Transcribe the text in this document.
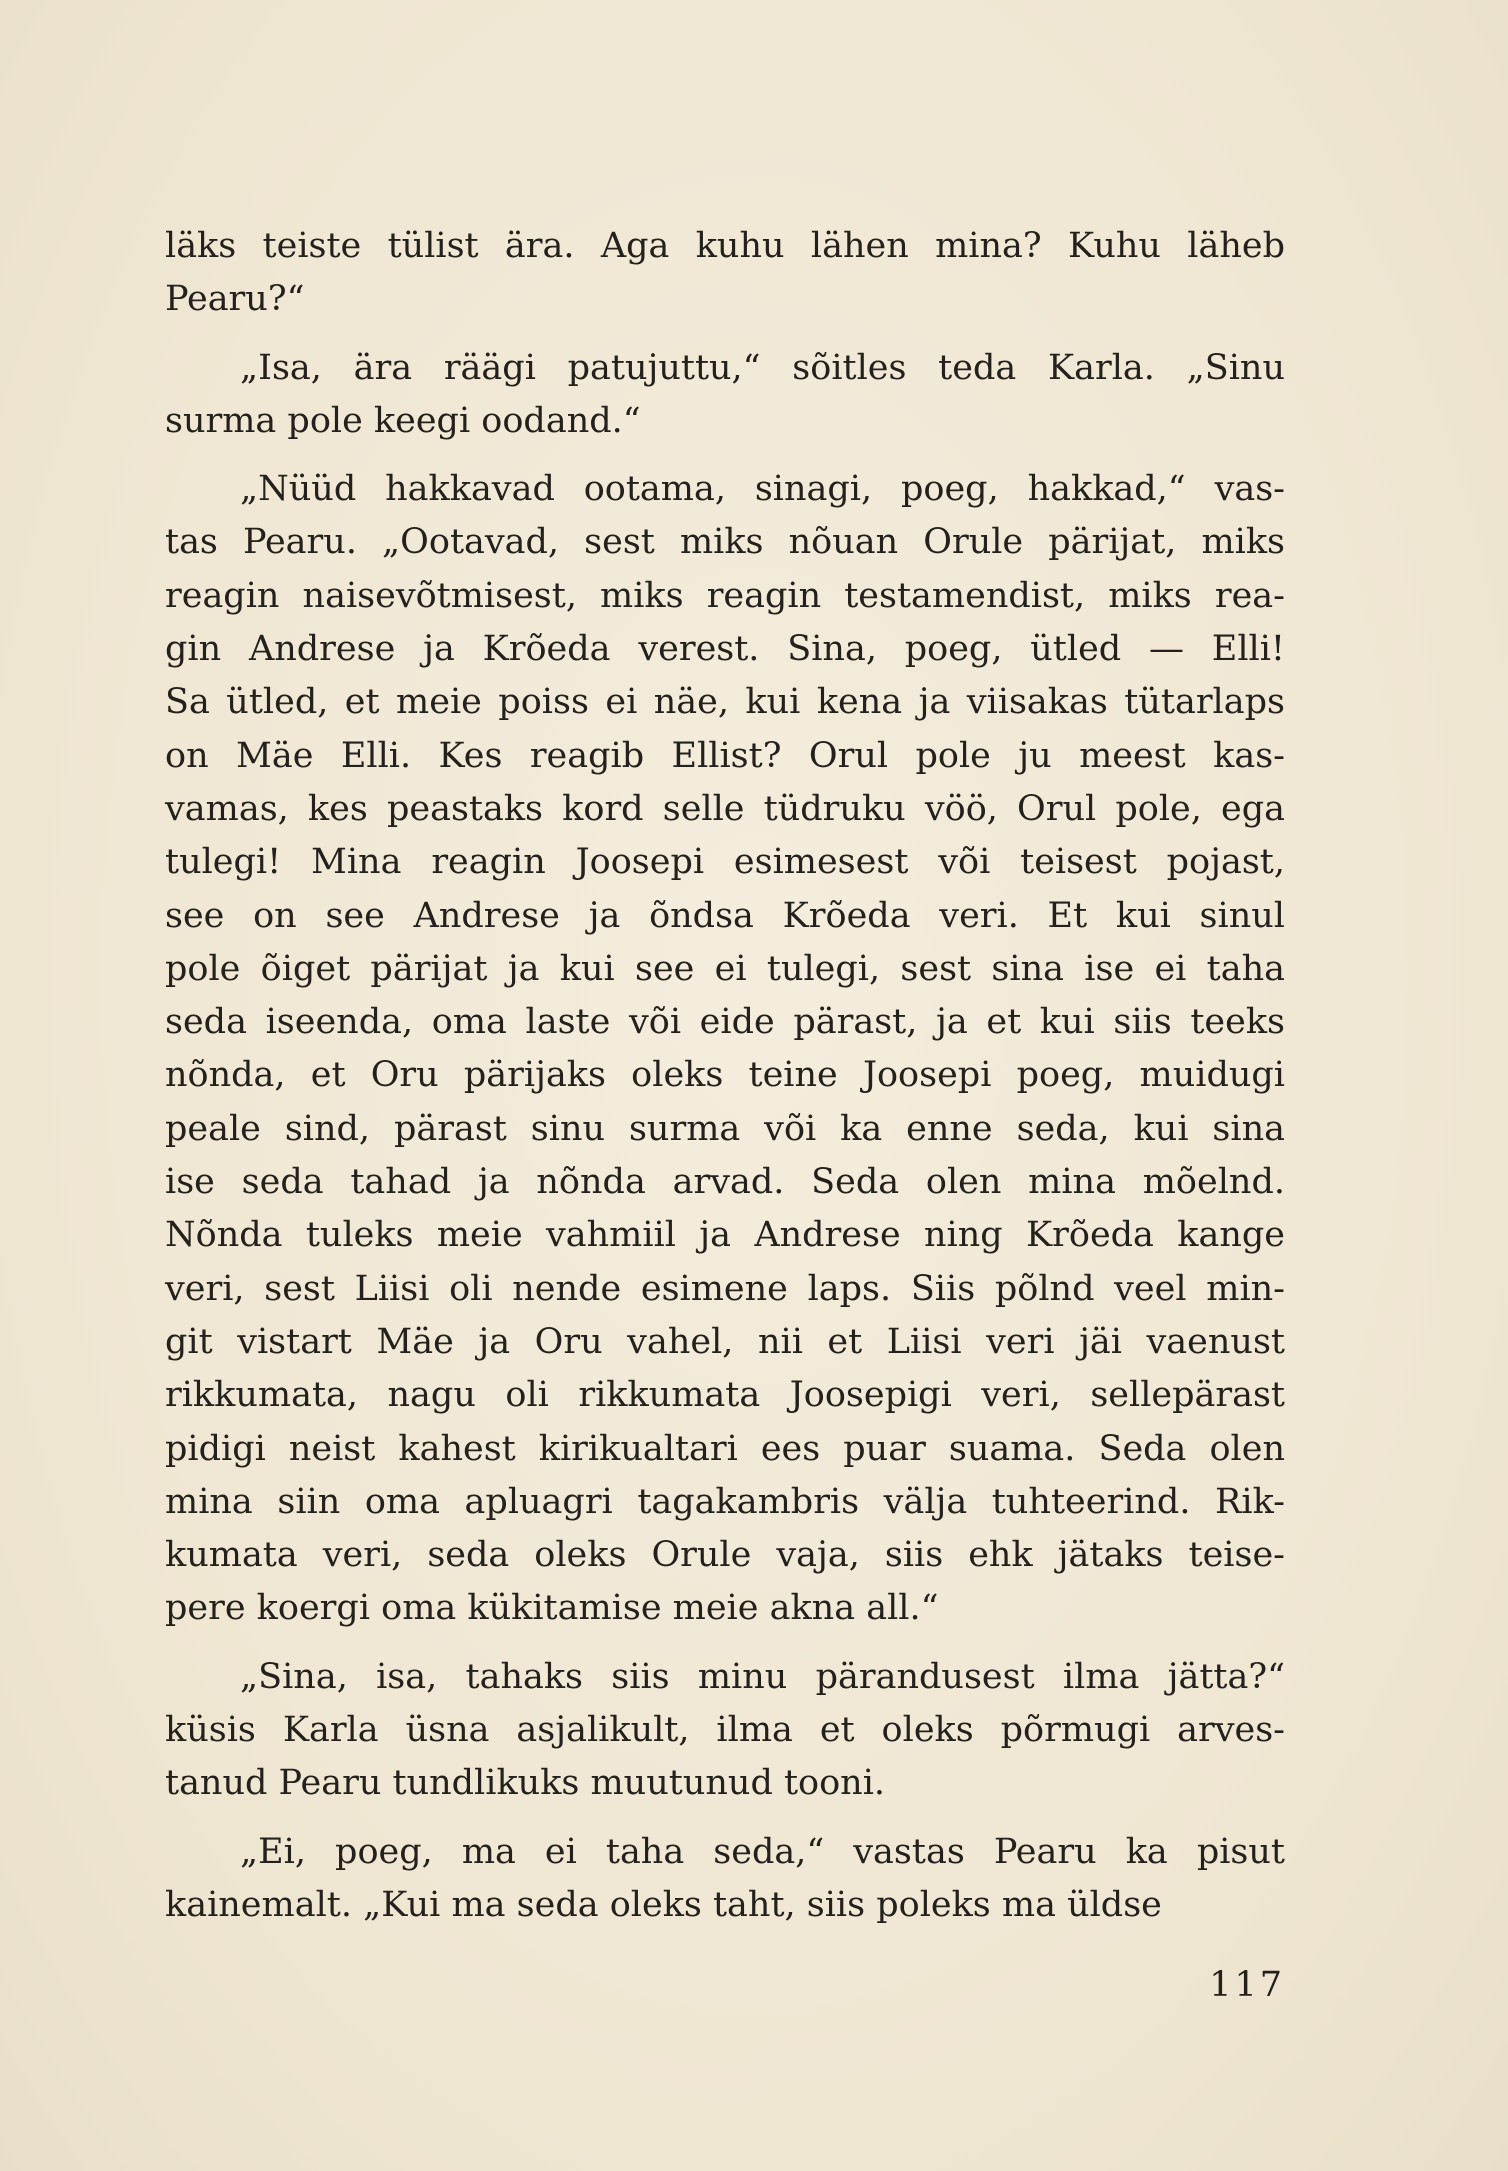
läks teiste tülist ära. Aga kuhu lähen mina? Kuhu läheb
Pearu?“
„Isa, ära räägi patujuttu,“ sõitles teda Karla. „Sinu
surma pole keegi oodand.“
„Nüüd hakkavad ootama, sinagi, poeg, hakkad,“ vas-
tas Pearu. „Ootavad, sest miks nõuan Orule pärijat, miks
reagin naisevõtmisest, miks reagin testamendist, miks rea-
gin Andrese ja Krõeda verest. Sina, poeg, ütled — Elli!
Sa ütled, et meie poiss ei näe, kui kena ja viisakas tütarlaps
on Mäe Elli. Kes reagib Ellist? Orul pole ju meest kas-
vamas, kes peastaks kord selle tüdruku vöö, Orul pole, ega
tulegi! Mina reagin Joosepi esimesest või teisest pojast,
see on see Andrese ja õndsa Krõeda veri. Et kui sinul
pole õiget pärijat ja kui see ei tulegi, sest sina ise ei taha
seda iseenda, oma laste või eide pärast, ja et kui siis teeks
nõnda, et Oru pärijaks oleks teine Joosepi poeg, muidugi
peale sind, pärast sinu surma või ka enne seda, kui sina
ise seda tahad ja nõnda arvad. Seda olen mina mõelnd.
Nõnda tuleks meie vahmiil ja Andrese ning Krõeda kange
veri, sest Liisi oli nende esimene laps. Siis põlnd veel min-
git vistart Mäe ja Oru vahel, nii et Liisi veri jäi vaenust
rikkumata, nagu oli rikkumata Joosepigi veri, sellepärast
pidigi neist kahest kirikualtari ees puar suama. Seda olen
mina siin oma apluagri tagakambris välja tuhteerind. Rik-
kumata veri, seda oleks Orule vaja, siis ehk jätaks teise-
pere koergi oma kükitamise meie akna all.“
„Sina, isa, tahaks siis minu pärandusest ilma jätta?“
küsis Karla üsna asjalikult, ilma et oleks põrmugi arves-
tanud Pearu tundlikuks muutunud tooni.
„Ei, poeg, ma ei taha seda,“ vastas Pearu ka pisut
kainemalt. „Kui ma seda oleks taht, siis poleks ma üldse
117
